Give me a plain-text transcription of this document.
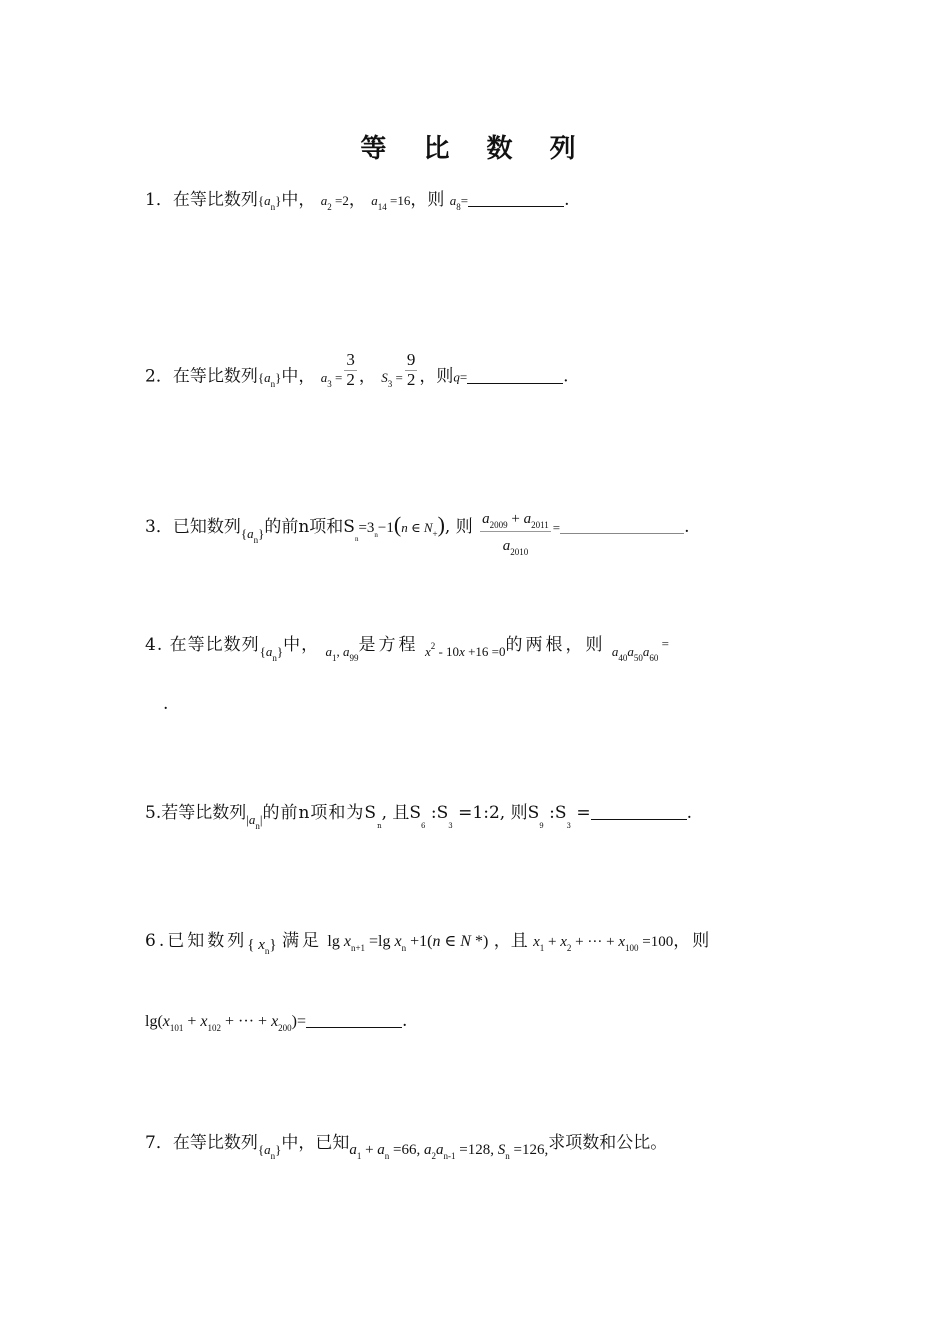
等 比 数 列
1．在等比数列$\{a_n\}$中， $a_2 =2$， $a_{14} =16$，则 $a_8=$	.
2．在等比数列$\{a_n\}$中， $a_3 = \frac{3}{2}$ ， $S_3 = \frac{9}{2}$ ，则q=	.
3．已知数列$_{\{a_n\}}$的前n项和$S_n=3_n-1(n$ ∈ $N_+$), 则 $\frac{a_{2009} + a_{2011}}{a_{2010}}$ =	.
4. 在等比数列$_{\{a_n\}}$中， $_{a_1, a_{99}}$是方程 $_{x^2 - 10x +16 =0}$的两根，则 $_{a_{40}a_{50}a_{60} =}$
.
5.若等比数列$_{|a_n|}$的前n项和为$S_n$, 且$S_6$ $:S_3$ =1:2, 则$S_9$ $:S_3$ =	.
6.已知数列{ $x_n$} 满足 $\lg x_{n+1} =\lg$ $x_n +1(n$ ∈ N *) ，且 $x_1 + x_2$ + ··· + $x_{100} =100$，则
$\lg(x_{101} + x_{102}$ + ··· + $x_{200})=$	.
7．在等比数列$_{\{a_n\}}$中，已知$a_1 + a_n =66$, $a_2a_{n-1} =128$, $S_n =126$,求项数和公比。
